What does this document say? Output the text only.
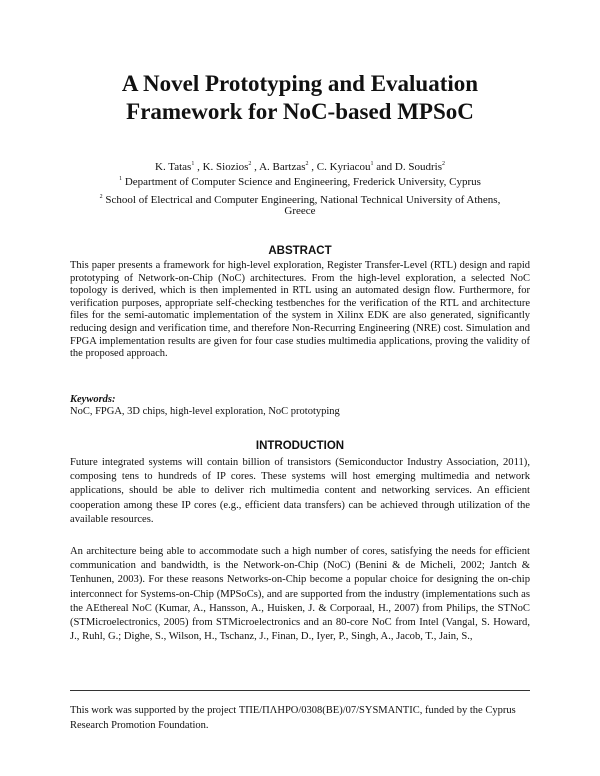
A Novel Prototyping and Evaluation
Framework for NoC-based MPSoC
K. Tatas$^1$ , K. Siozios$^2$ , A. Bartzas$^2$ , C. Kyriacou$^1$ and D. Soudris$^2$
$^1$ Department of Computer Science and Engineering, Frederick University, Cyprus
$^2$ School of Electrical and Computer Engineering, National Technical University of Athens,
Greece
ABSTRACT
This paper presents a framework for high-level exploration, Register Transfer-Level (RTL) design and rapid prototyping of Network-on-Chip (NoC) architectures. From the high-level exploration, a selected NoC topology is derived, which is then implemented in RTL using an automated design flow. Furthermore, for verification purposes, appropriate self-checking testbenches for the verification of the RTL and architecture files for the semi-automatic implementation of the system in Xilinx EDK are also generated, significantly reducing design and verification time, and therefore Non-Recurring Engineering (NRE) cost. Simulation and FPGA implementation results are given for four case studies multimedia applications, proving the validity of the proposed approach.
Keywords:
NoC, FPGA, 3D chips, high-level exploration, NoC prototyping
INTRODUCTION
Future integrated systems will contain billion of transistors (Semiconductor Industry Association, 2011), composing tens to hundreds of IP cores. These systems will host emerging multimedia and network applications, should be able to deliver rich multimedia content and networking services. An efficient cooperation among these IP cores (e.g., efficient data transfers) can be achieved through utilization of the available resources.
An architecture being able to accommodate such a high number of cores, satisfying the needs for efficient communication and bandwidth, is the Network-on-Chip (NoC) (Benini & de Micheli, 2002; Jantch & Tenhunen, 2003). For these reasons Networks-on-Chip become a popular choice for designing the on-chip interconnect for Systems-on-Chip (MPSoCs), and are supported from the industry (implementations such as the AEthereal NoC (Kumar, A., Hansson, A., Huisken, J. & Corporaal, H., 2007) from Philips, the STNoC (STMicroelectronics, 2005) from STMicroelectronics and an 80-core NoC from Intel (Vangal, S. Howard, J., Ruhl, G.; Dighe, S., Wilson, H., Tschanz, J., Finan, D., Iyer, P., Singh, A., Jacob, T., Jain, S.,
This work was supported by the project ΤΠΕ/ΠΛΗΡΟ/0308(ΒΕ)/07/SYSMANTIC, funded by the Cyprus Research Promotion Foundation.
